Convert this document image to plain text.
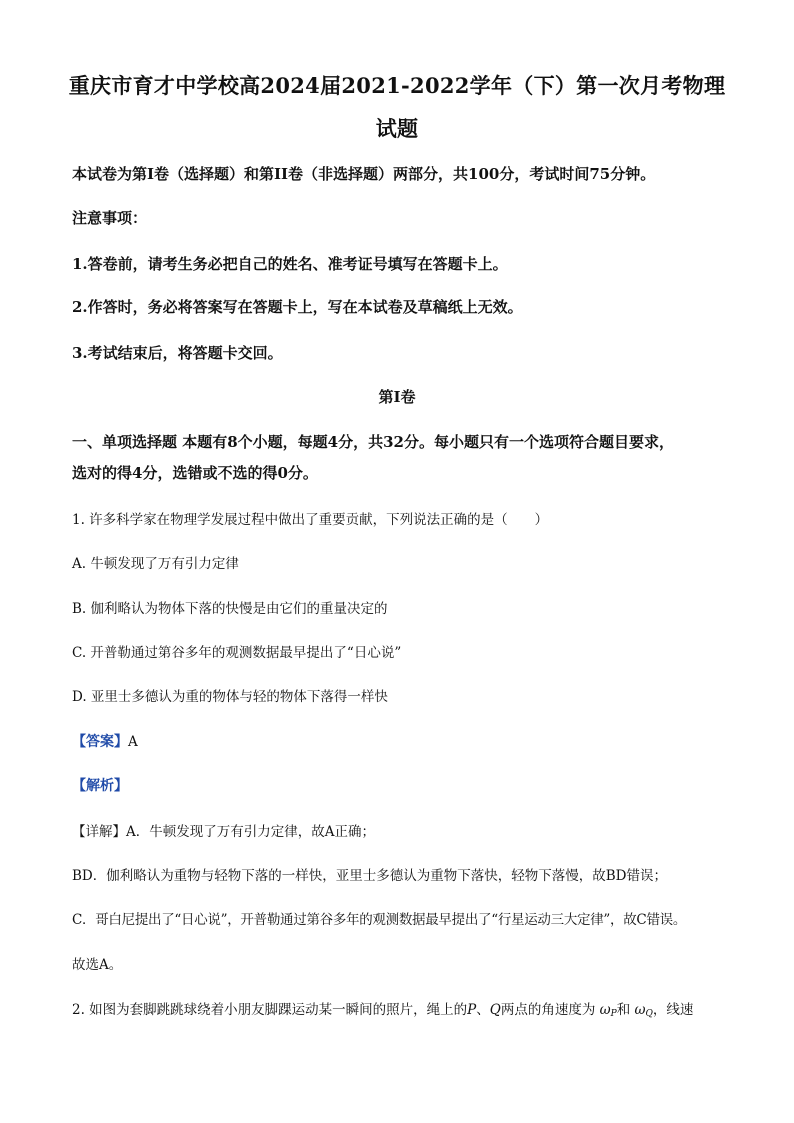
重庆市育才中学校高2024届2021-2022学年（下）第一次月考物理
试题
本试卷为第I卷（选择题）和第II卷（非选择题）两部分，共100分，考试时间75分钟。
注意事项：
1.答卷前，请考生务必把自己的姓名、准考证号填写在答题卡上。
2.作答时，务必将答案写在答题卡上，写在本试卷及草稿纸上无效。
3.考试结束后，将答题卡交回。
第I卷
一、单项选择题 本题有8个小题，每题4分，共32分。每小题只有一个选项符合题目要求，
选对的得4分，选错或不选的得0分。
1. 许多科学家在物理学发展过程中做出了重要贡献，下列说法正确的是（　　）
A. 牛顿发现了万有引力定律
B. 伽利略认为物体下落的快慢是由它们的重量决定的
C. 开普勒通过第谷多年的观测数据最早提出了“日心说”
D. 亚里士多德认为重的物体与轻的物体下落得一样快
【答案】A
【解析】
【详解】A．牛顿发现了万有引力定律，故A正确；
BD．伽利略认为重物与轻物下落的一样快，亚里士多德认为重物下落快，轻物下落慢，故BD错误；
C．哥白尼提出了“日心说”，开普勒通过第谷多年的观测数据最早提出了“行星运动三大定律”，故C错误。
故选A。
2. 如图为套脚跳跳球绕着小朋友脚踝运动某一瞬间的照片，绳上的P、Q两点的角速度为 $\omega_P$和 $\omega_Q$，线速
